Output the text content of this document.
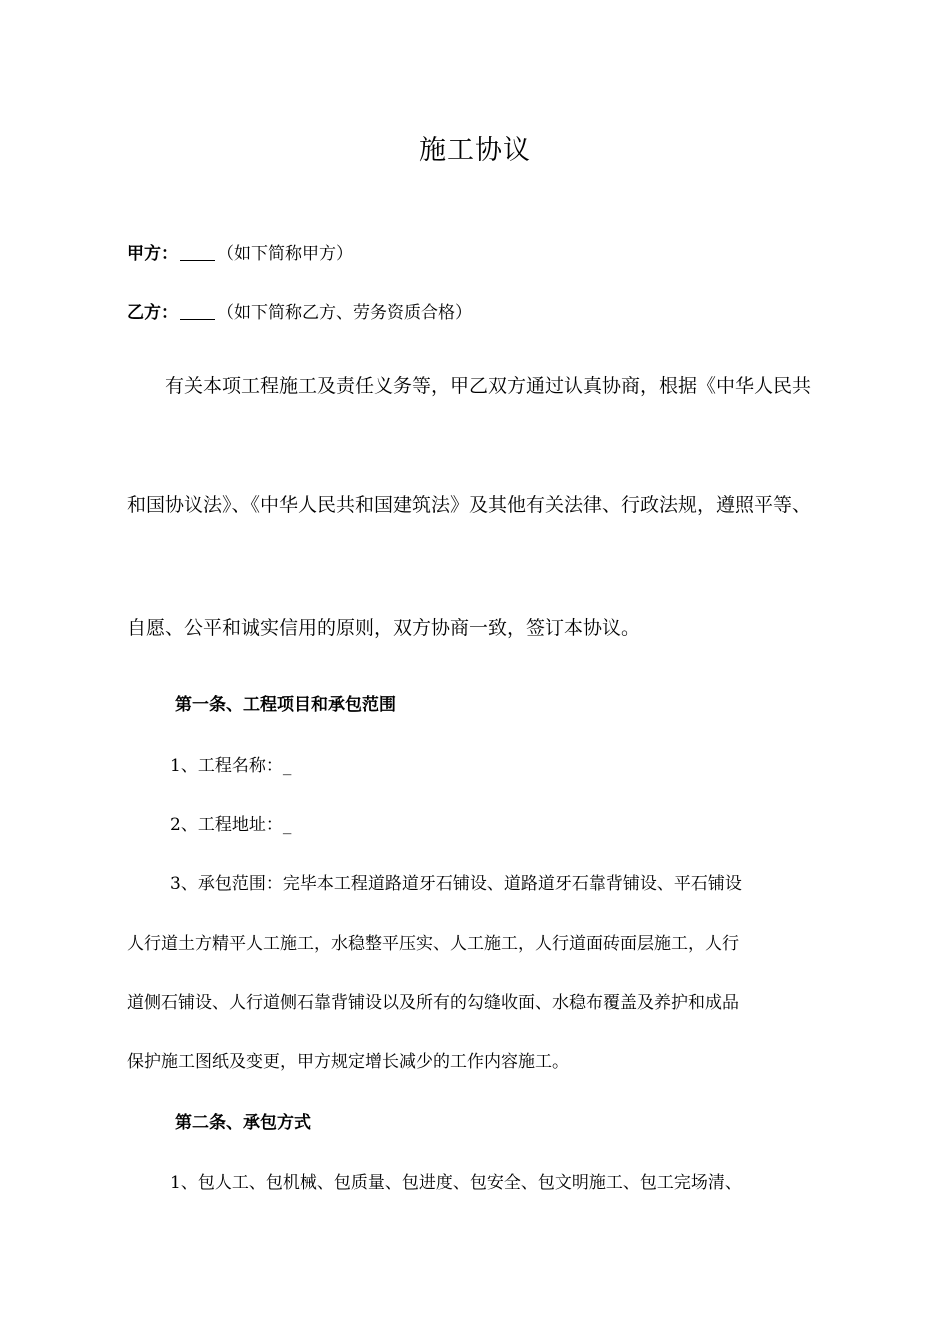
施工协议
甲方： （如下简称甲方）
乙方： （如下简称乙方、劳务资质合格）
有关本项工程施工及责任义务等，甲乙双方通过认真协商，根据《中华人民共
和国协议法》、《中华人民共和国建筑法》及其他有关法律、行政法规，遵照平等、
自愿、公平和诚实信用的原则，双方协商一致，签订本协议。
第一条、工程项目和承包范围
1、工程名称：_
2、工程地址：_
3、承包范围：完毕本工程道路道牙石铺设、道路道牙石靠背铺设、平石铺设
人行道土方精平人工施工，水稳整平压实、人工施工，人行道面砖面层施工，人行
道侧石铺设、人行道侧石靠背铺设以及所有的勾缝收面、水稳布覆盖及养护和成品
保护施工图纸及变更，甲方规定增长减少的工作内容施工。
第二条、承包方式
1、包人工、包机械、包质量、包进度、包安全、包文明施工、包工完场清、
